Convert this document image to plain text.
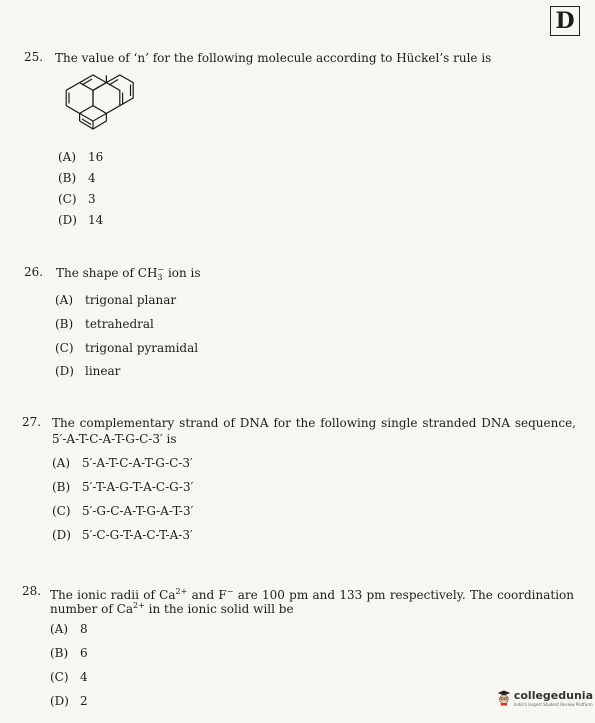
D
25. The value of ‘n’ for the following molecule according to Hückel’s rule is
(A) 16
(B) 4
(C) 3
(D) 14
26. The shape of CH −
3 ion is
(A) trigonal planar
(B) tetrahedral
(C) trigonal pyramidal
(D) linear
27. The complementary strand of DNA for the following single stranded DNA sequence,
5′-A-T-C-A-T-G-C-3′ is
(A) 5′-A-T-C-A-T-G-C-3′
(B) 5′-T-A-G-T-A-C-G-3′
(C) 5′-G-C-A-T-G-A-T-3′
(D) 5′-C-G-T-A-C-T-A-3′
28. The ionic radii of $Ca^{2+}$ and F− are 100 pm and 133 pm respectively. The coordination
number of $Ca^{2+}$ in the ionic solid will be
(A) 8
(B) 6
(C) 4
(D) 2	collegedunia
India's largest Student Review Platform
